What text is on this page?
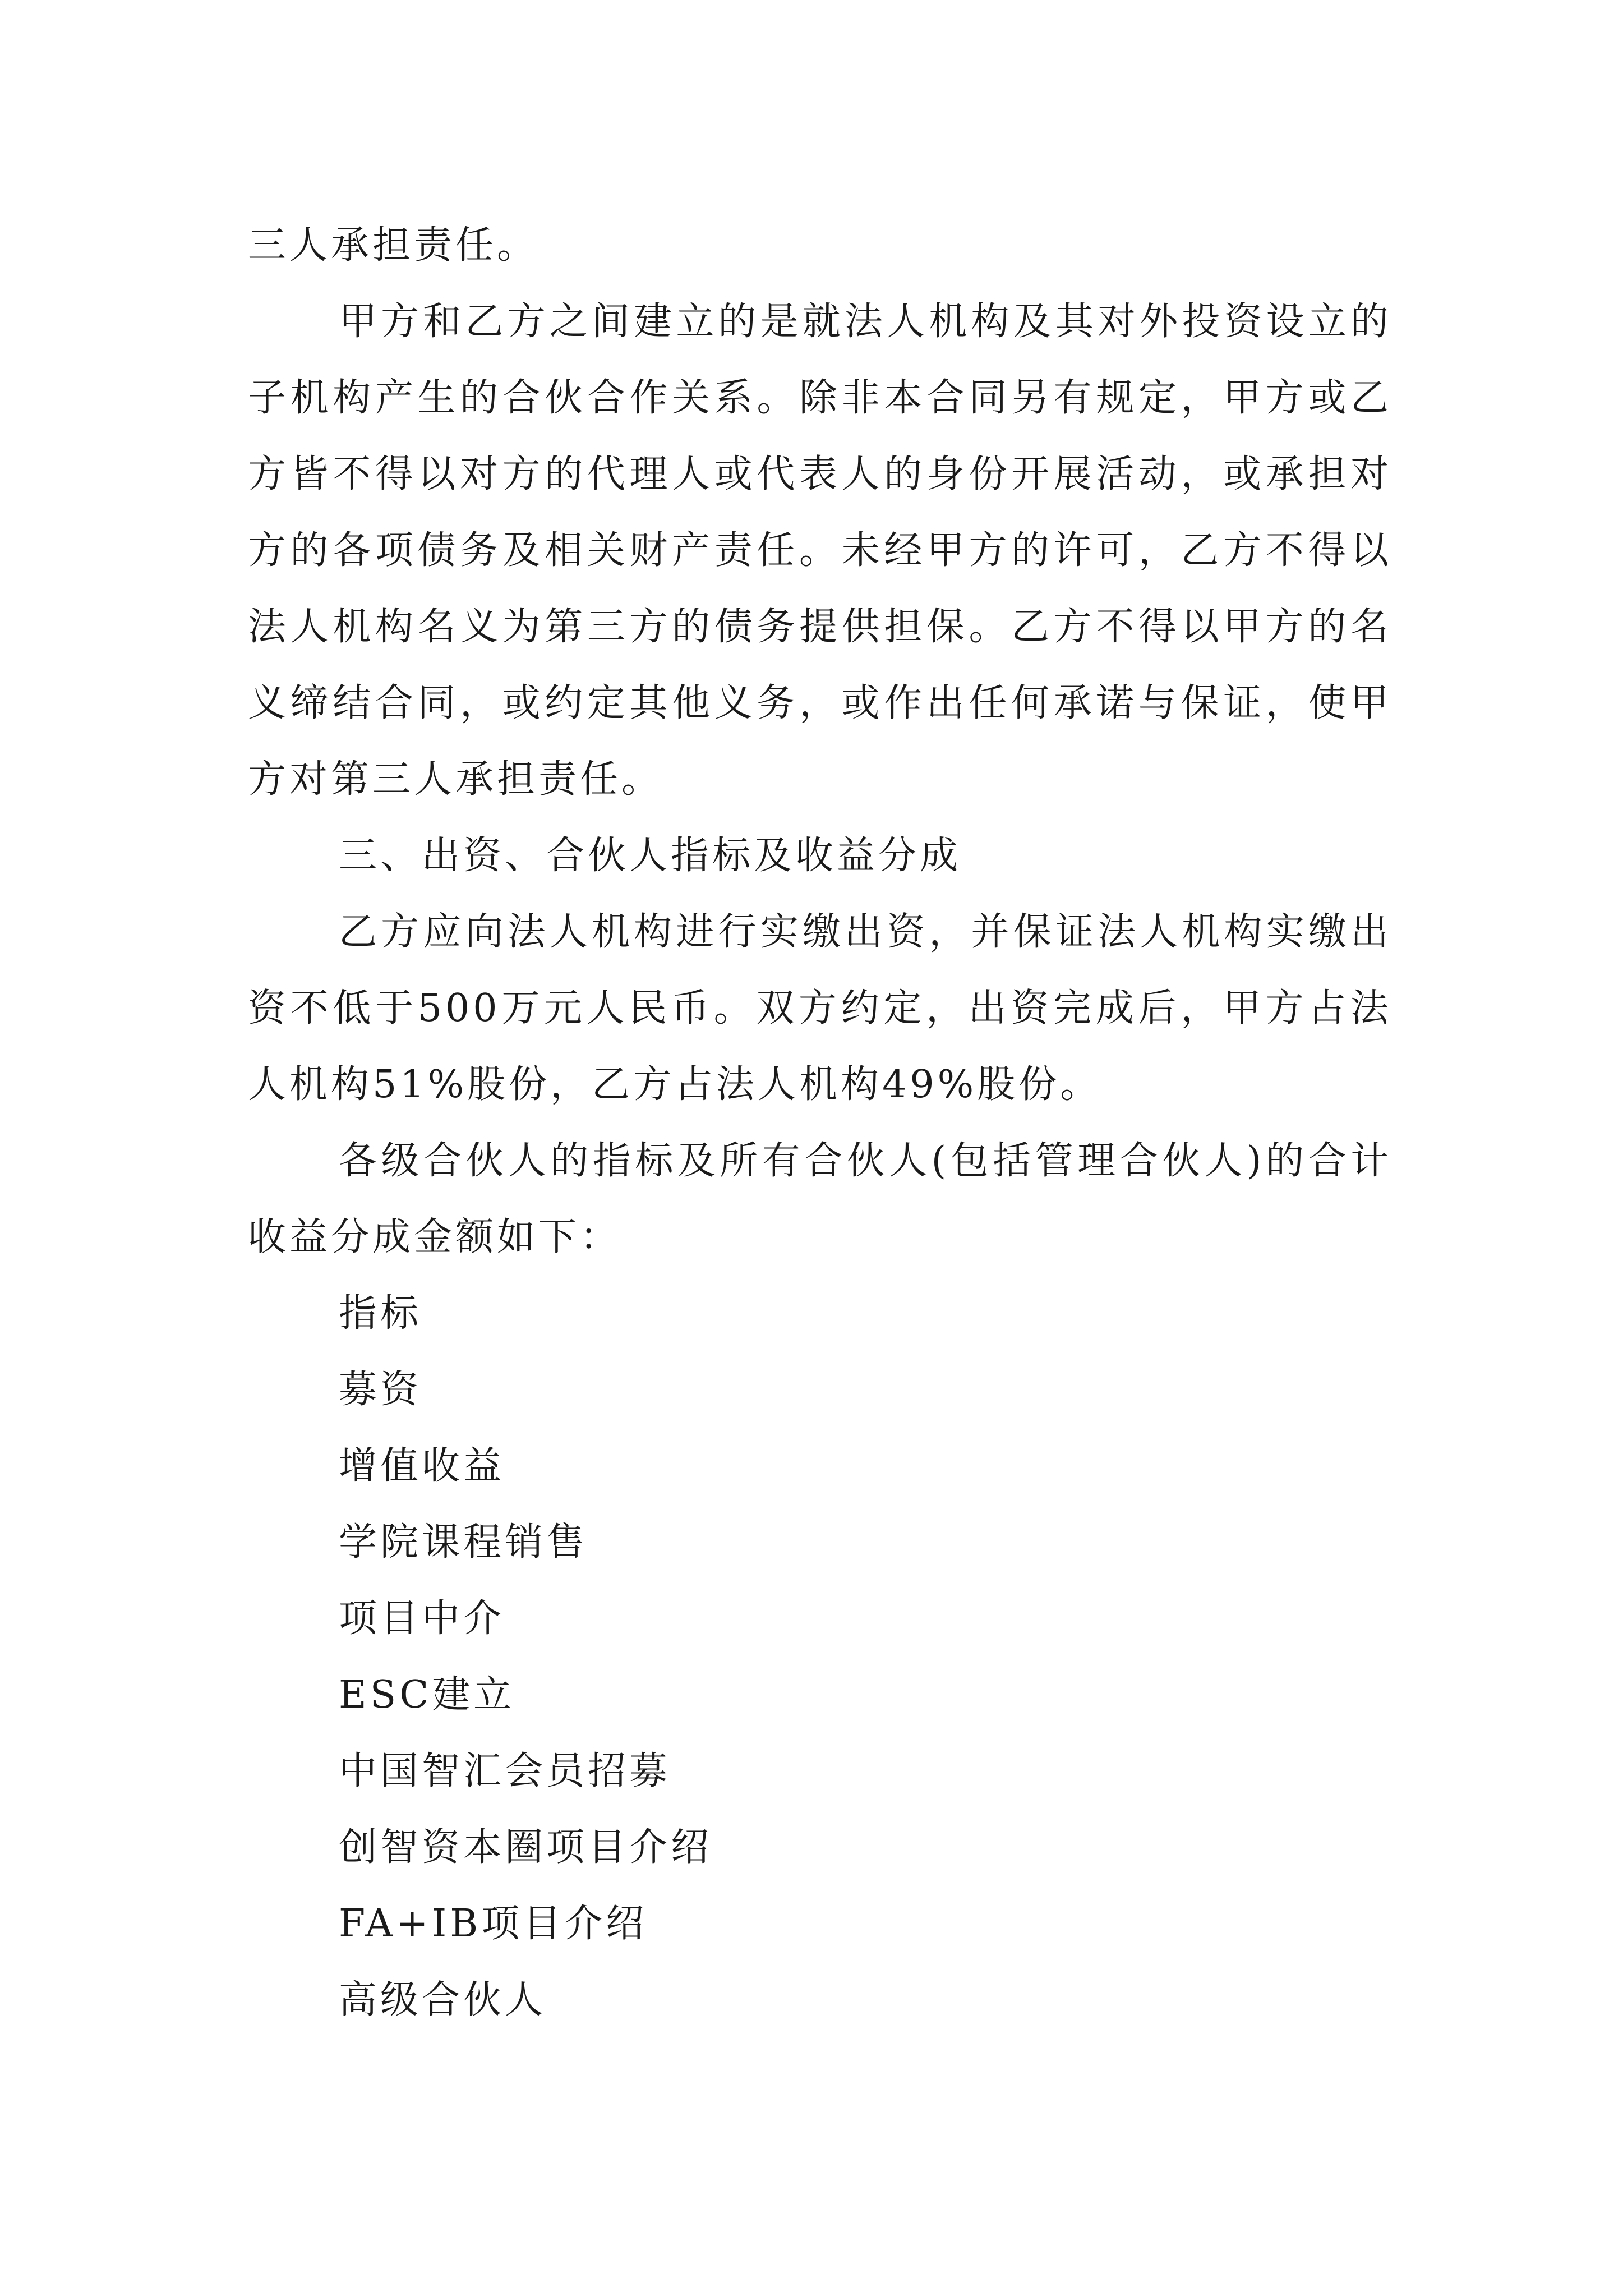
三人承担责任。

甲方和乙方之间建立的是就法人机构及其对外投资设立的子机构产生的合伙合作关系。除非本合同另有规定，甲方或乙方皆不得以对方的代理人或代表人的身份开展活动，或承担对方的各项债务及相关财产责任。未经甲方的许可，乙方不得以法人机构名义为第三方的债务提供担保。乙方不得以甲方的名义缔结合同，或约定其他义务，或作出任何承诺与保证，使甲方对第三人承担责任。

三、出资、合伙人指标及收益分成

乙方应向法人机构进行实缴出资，并保证法人机构实缴出资不低于500万元人民币。双方约定，出资完成后，甲方占法人机构51%股份，乙方占法人机构49%股份。

各级合伙人的指标及所有合伙人(包括管理合伙人)的合计收益分成金额如下：

指标

募资

增值收益

学院课程销售

项目中介

ESC建立

中国智汇会员招募

创智资本圈项目介绍

FA+IB项目介绍

高级合伙人
